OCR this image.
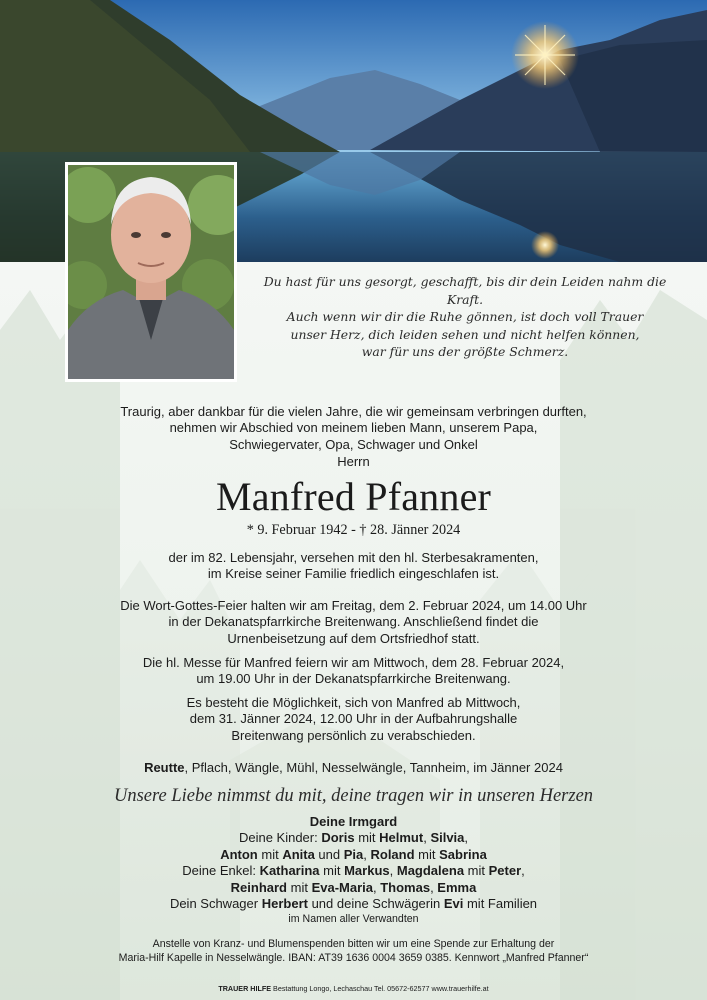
Du hast für uns gesorgt, geschafft, bis dir dein Leiden nahm die Kraft.
Auch wenn wir dir die Ruhe gönnen, ist doch voll Trauer
unser Herz, dich leiden sehen und nicht helfen können,
war für uns der größte Schmerz.
Traurig, aber dankbar für die vielen Jahre, die wir gemeinsam verbringen durften,
nehmen wir Abschied von meinem lieben Mann, unserem Papa,
Schwiegervater, Opa, Schwager und Onkel
Herrn
Manfred Pfanner
* 9. Februar 1942 - † 28. Jänner 2024
der im 82. Lebensjahr, versehen mit den hl. Sterbesakramenten,
im Kreise seiner Familie friedlich eingeschlafen ist.
Die Wort-Gottes-Feier halten wir am Freitag, dem 2. Februar 2024, um 14.00 Uhr
in der Dekanatspfarrkirche Breitenwang. Anschließend findet die
Urnenbeisetzung auf dem Ortsfriedhof statt.
Die hl. Messe für Manfred feiern wir am Mittwoch, dem 28. Februar 2024,
um 19.00 Uhr in der Dekanatspfarrkirche Breitenwang.
Es besteht die Möglichkeit, sich von Manfred ab Mittwoch,
dem 31. Jänner 2024, 12.00 Uhr in der Aufbahrungshalle
Breitenwang persönlich zu verabschieden.
Reutte, Pflach, Wängle, Mühl, Nesselwängle, Tannheim, im Jänner 2024
Unsere Liebe nimmst du mit, deine tragen wir in unseren Herzen
Deine Irmgard
Deine Kinder: Doris mit Helmut, Silvia,
Anton mit Anita und Pia, Roland mit Sabrina
Deine Enkel: Katharina mit Markus, Magdalena mit Peter,
Reinhard mit Eva-Maria, Thomas, Emma
Dein Schwager Herbert und deine Schwägerin Evi mit Familien
im Namen aller Verwandten
Anstelle von Kranz- und Blumenspenden bitten wir um eine Spende zur Erhaltung der
Maria-Hilf Kapelle in Nesselwängle. IBAN: AT39 1636 0004 3659 0385. Kennwort „Manfred Pfanner“
TRAUER HILFE Bestattung Longo, Lechaschau Tel. 05672-62577 www.trauerhilfe.at
